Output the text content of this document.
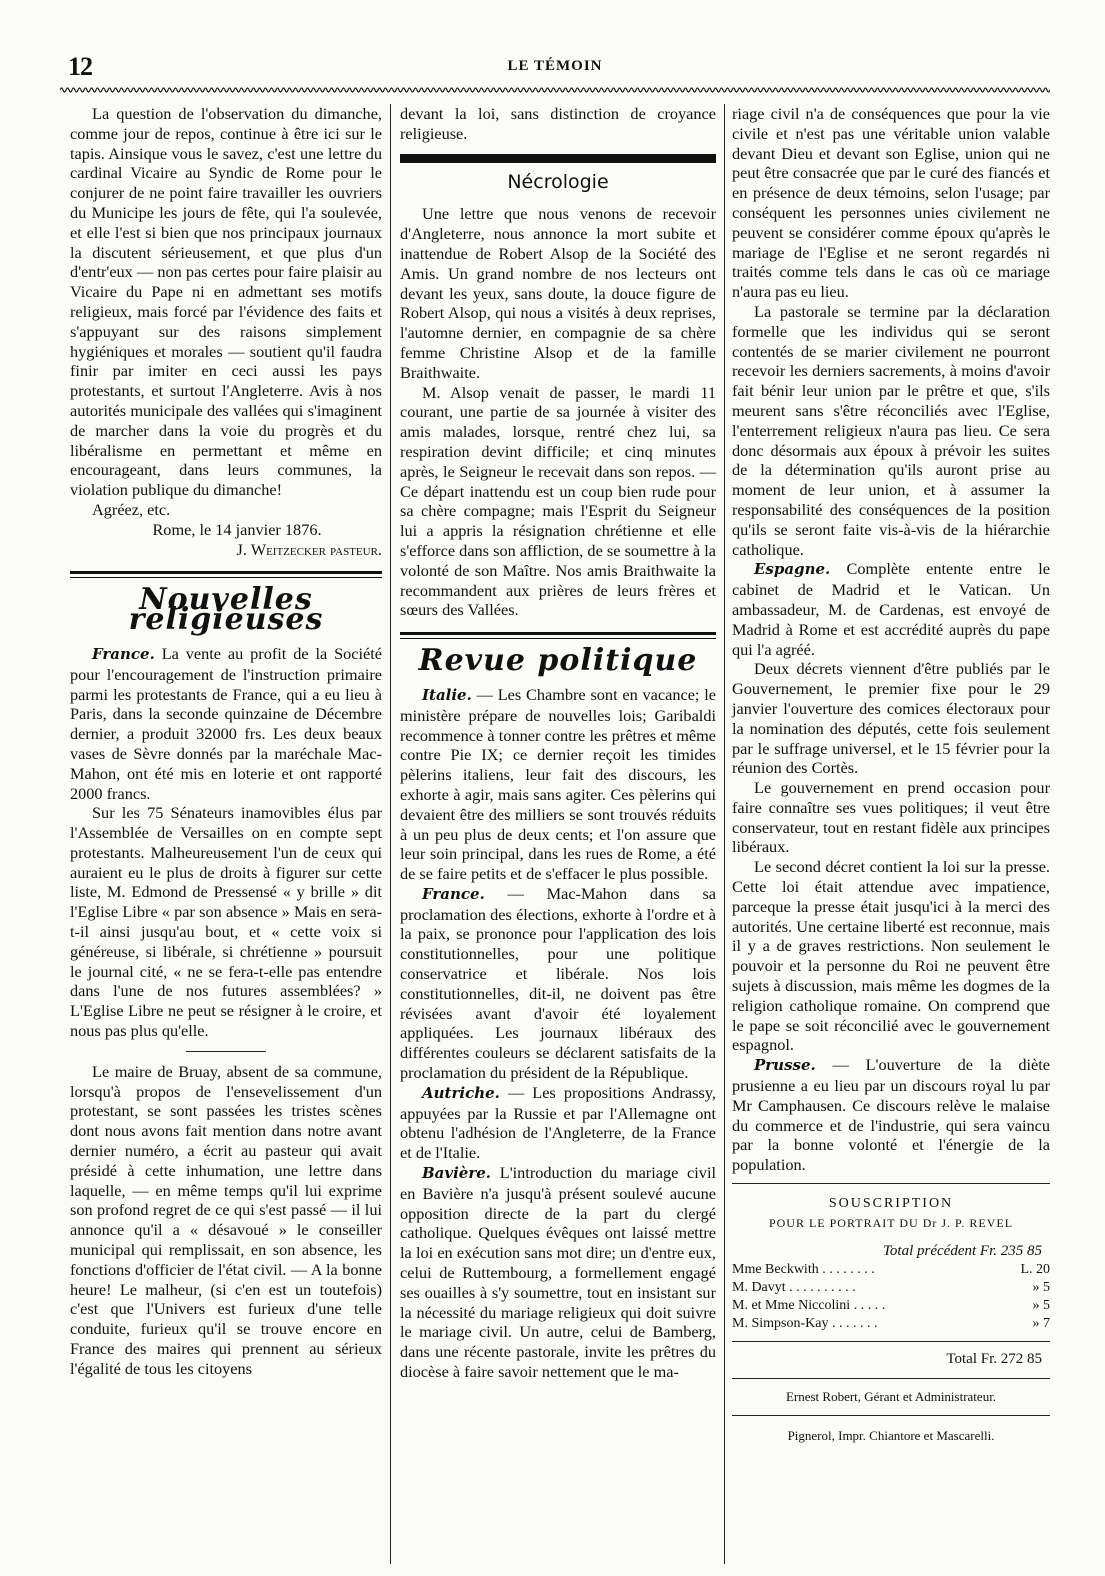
12	LE TÉMOIN

La question de l'observation du dimanche, comme jour de repos, continue à être ici sur le tapis. Ainsique vous le savez, c'est une lettre du cardinal Vicaire au Syndic de Rome pour le conjurer de ne point faire travailler les ouvriers du Municipe les jours de fête, qui l'a soulevée, et elle l'est si bien que nos principaux journaux la discutent sérieusement, et que plus d'un d'entr'eux — non pas certes pour faire plaisir au Vicaire du Pape ni en admettant ses motifs religieux, mais forcé par l'évidence des faits et s'appuyant sur des raisons simplement hygiéniques et morales — soutient qu'il faudra finir par imiter en ceci aussi les pays protestants, et surtout l'Angleterre. Avis à nos autorités municipale des vallées qui s'imaginent de marcher dans la voie du progrès et du libéralisme en permettant et même en encourageant, dans leurs communes, la violation publique du dimanche!

Agréez, etc.

Rome, le 14 janvier 1876.

J. Weitzecker pasteur.

Nouvelles religieuses

France. La vente au profit de la Société pour l'encouragement de l'instruction primaire parmi les protestants de France, qui a eu lieu à Paris, dans la seconde quinzaine de Décembre dernier, a produit 32000 frs. Les deux beaux vases de Sèvre donnés par la maréchale Mac-Mahon, ont été mis en loterie et ont rapporté 2000 francs.

Sur les 75 Sénateurs inamovibles élus par l'Assemblée de Versailles on en compte sept protestants. Malheureusement l'un de ceux qui auraient eu le plus de droits à figurer sur cette liste, M. Edmond de Pressensé « y brille » dit l'Eglise Libre « par son absence » Mais en sera-t-il ainsi jusqu'au bout, et « cette voix si généreuse, si libérale, si chrétienne » poursuit le journal cité, « ne se fera-t-elle pas entendre dans l'une de nos futures assemblées? » L'Eglise Libre ne peut se résigner à le croire, et nous pas plus qu'elle.

Le maire de Bruay, absent de sa commune, lorsqu'à propos de l'ensevelissement d'un protestant, se sont passées les tristes scènes dont nous avons fait mention dans notre avant dernier numéro, a écrit au pasteur qui avait présidé à cette inhumation, une lettre dans laquelle, — en même temps qu'il lui exprime son profond regret de ce qui s'est passé — il lui annonce qu'il a « désavoué » le conseiller municipal qui remplissait, en son absence, les fonctions d'officier de l'état civil. — A la bonne heure! Le malheur, (si c'en est un toutefois) c'est que l'Univers est furieux d'une telle conduite, furieux qu'il se trouve encore en France des maires qui prennent au sérieux l'égalité de tous les citoyens

devant la loi, sans distinction de croyance religieuse.

Nécrologie

Une lettre que nous venons de recevoir d'Angleterre, nous annonce la mort subite et inattendue de Robert Alsop de la Société des Amis. Un grand nombre de nos lecteurs ont devant les yeux, sans doute, la douce figure de Robert Alsop, qui nous a visités à deux reprises, l'automne dernier, en compagnie de sa chère femme Christine Alsop et de la famille Braithwaite.

M. Alsop venait de passer, le mardi 11 courant, une partie de sa journée à visiter des amis malades, lorsque, rentré chez lui, sa respiration devint difficile; et cinq minutes après, le Seigneur le recevait dans son repos. — Ce départ inattendu est un coup bien rude pour sa chère compagne; mais l'Esprit du Seigneur lui a appris la résignation chrétienne et elle s'efforce dans son affliction, de se soumettre à la volonté de son Maître. Nos amis Braithwaite la recommandent aux prières de leurs frères et sœurs des Vallées.

Revue politique

Italie. — Les Chambre sont en vacance; le ministère prépare de nouvelles lois; Garibaldi recommence à tonner contre les prêtres et même contre Pie IX; ce dernier reçoit les timides pèlerins italiens, leur fait des discours, les exhorte à agir, mais sans agiter. Ces pèlerins qui devaient être des milliers se sont trouvés réduits à un peu plus de deux cents; et l'on assure que leur soin principal, dans les rues de Rome, a été de se faire petits et de s'effacer le plus possible.

France. — Mac-Mahon dans sa proclamation des élections, exhorte à l'ordre et à la paix, se prononce pour l'application des lois constitutionnelles, pour une politique conservatrice et libérale. Nos lois constitutionnelles, dit-il, ne doivent pas être révisées avant d'avoir été loyalement appliquées. Les journaux libéraux des différentes couleurs se déclarent satisfaits de la proclamation du président de la République.

Autriche. — Les propositions Andrassy, appuyées par la Russie et par l'Allemagne ont obtenu l'adhésion de l'Angleterre, de la France et de l'Italie.

Bavière. L'introduction du mariage civil en Bavière n'a jusqu'à présent soulevé aucune opposition directe de la part du clergé catholique. Quelques évêques ont laissé mettre la loi en exécution sans mot dire; un d'entre eux, celui de Ruttembourg, a formellement engagé ses ouailles à s'y soumettre, tout en insistant sur la nécessité du mariage religieux qui doit suivre le mariage civil. Un autre, celui de Bamberg, dans une récente pastorale, invite les prêtres du diocèse à faire savoir nettement que le ma-

riage civil n'a de conséquences que pour la vie civile et n'est pas une véritable union valable devant Dieu et devant son Eglise, union qui ne peut être consacrée que par le curé des fiancés et en présence de deux témoins, selon l'usage; par conséquent les personnes unies civilement ne peuvent se considérer comme époux qu'après le mariage de l'Eglise et ne seront regardés ni traités comme tels dans le cas où ce mariage n'aura pas eu lieu.

La pastorale se termine par la déclaration formelle que les individus qui se seront contentés de se marier civilement ne pourront recevoir les derniers sacrements, à moins d'avoir fait bénir leur union par le prêtre et que, s'ils meurent sans s'être réconciliés avec l'Eglise, l'enterrement religieux n'aura pas lieu. Ce sera donc désormais aux époux à prévoir les suites de la détermination qu'ils auront prise au moment de leur union, et à assumer la responsabilité des conséquences de la position qu'ils se seront faite vis-à-vis de la hiérarchie catholique.

Espagne. Complète entente entre le cabinet de Madrid et le Vatican. Un ambassadeur, M. de Cardenas, est envoyé de Madrid à Rome et est accrédité auprès du pape qui l'a agréé.

Deux décrets viennent d'être publiés par le Gouvernement, le premier fixe pour le 29 janvier l'ouverture des comices électoraux pour la nomination des députés, cette fois seulement par le suffrage universel, et le 15 février pour la réunion des Cortès.

Le gouvernement en prend occasion pour faire connaître ses vues politiques; il veut être conservateur, tout en restant fidèle aux principes libéraux.

Le second décret contient la loi sur la presse. Cette loi était attendue avec impatience, parceque la presse était jusqu'ici à la merci des autorités. Une certaine liberté est reconnue, mais il y a de graves restrictions. Non seulement le pouvoir et la personne du Roi ne peuvent être sujets à discussion, mais même les dogmes de la religion catholique romaine. On comprend que le pape se soit réconcilié avec le gouvernement espagnol.

Prusse. — L'ouverture de la diète prusienne a eu lieu par un discours royal lu par Mr Camphausen. Ce discours relève le malaise du commerce et de l'industrie, qui sera vaincu par la bonne volonté et l'énergie de la population.

SOUSCRIPTION
POUR LE PORTRAIT DU Dr J. P. REVEL
Total précédent Fr. 235 85
Mme Beckwith . . . . . . . .	L. 20
M. Davyt . . . . . . . . . .	» 5
M. et Mme Niccolini . . . . .	» 5
M. Simpson-Kay . . . . . . .	» 7
Total Fr. 272 85
Ernest Robert, Gérant et Administrateur.
Pignerol, Impr. Chiantore et Mascarelli.
